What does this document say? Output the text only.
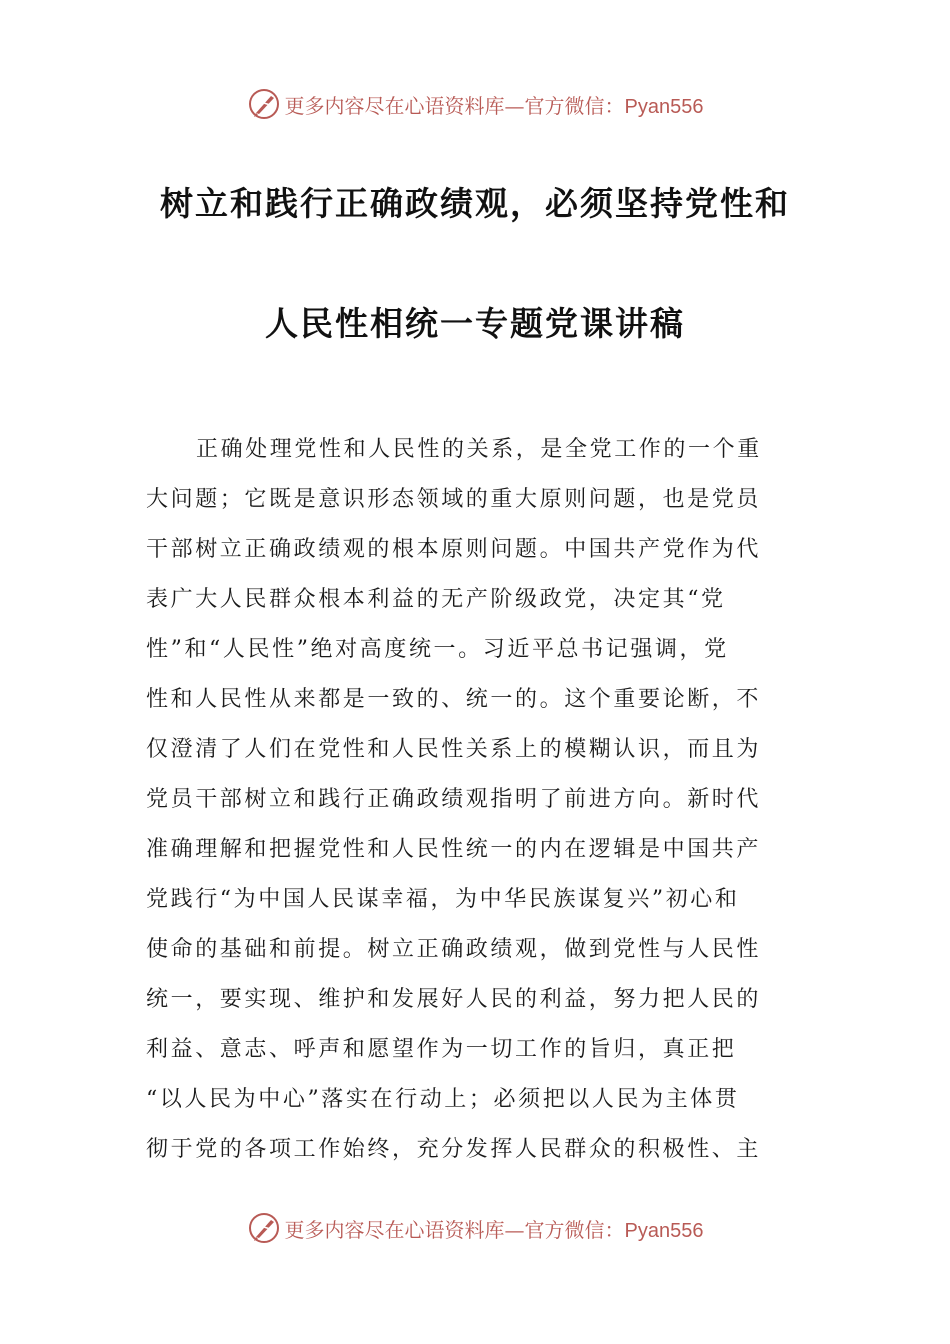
更多内容尽在心语资料库—官方微信：Pyan556
树立和践行正确政绩观，必须坚持党性和
人民性相统一专题党课讲稿
正确处理党性和人民性的关系，是全党工作的一个重
大问题；它既是意识形态领域的重大原则问题，也是党员
干部树立正确政绩观的根本原则问题。中国共产党作为代
表广大人民群众根本利益的无产阶级政党，决定其“党
性”和“人民性”绝对高度统一。习近平总书记强调，党
性和人民性从来都是一致的、统一的。这个重要论断，不
仅澄清了人们在党性和人民性关系上的模糊认识，而且为
党员干部树立和践行正确政绩观指明了前进方向。新时代
准确理解和把握党性和人民性统一的内在逻辑是中国共产
党践行“为中国人民谋幸福，为中华民族谋复兴”初心和
使命的基础和前提。树立正确政绩观，做到党性与人民性
统一，要实现、维护和发展好人民的利益，努力把人民的
利益、意志、呼声和愿望作为一切工作的旨归，真正把
“以人民为中心”落实在行动上；必须把以人民为主体贯
彻于党的各项工作始终，充分发挥人民群众的积极性、主
更多内容尽在心语资料库—官方微信：Pyan556
